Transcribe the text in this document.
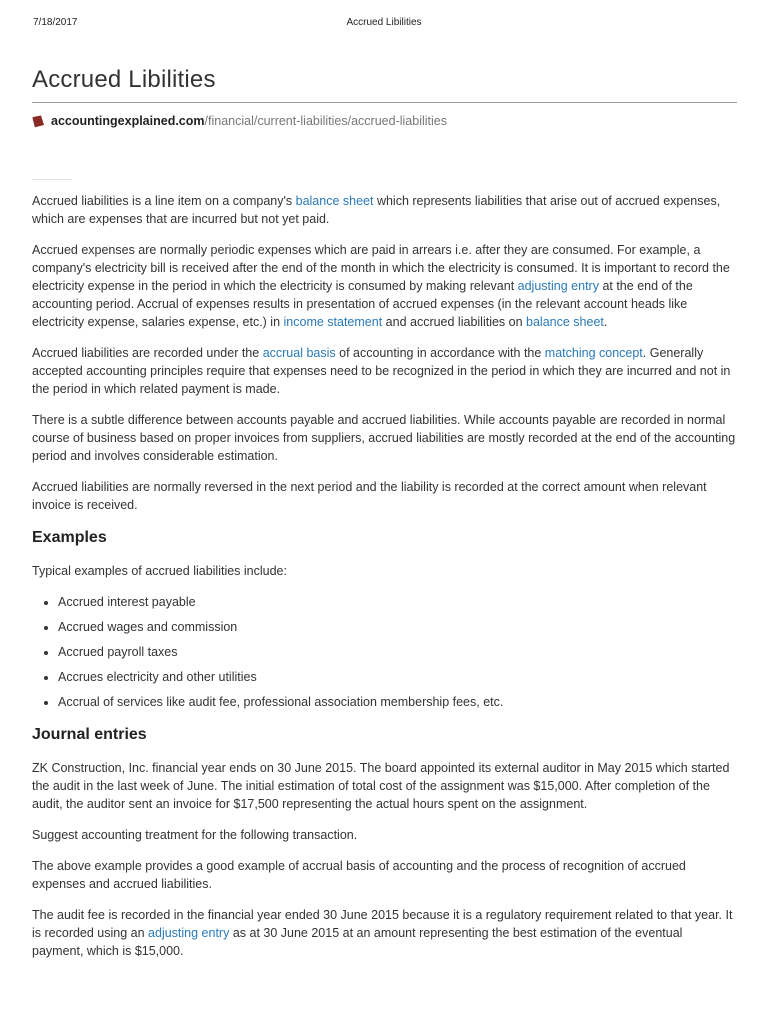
7/18/2017	Accrued Libilities
Accrued Libilities
accountingexplained.com /financial/current-liabilities/accrued-liabilities

Accrued liabilities is a line item on a company's balance sheet which represents liabilities that arise out of accrued expenses, which are expenses that are incurred but not yet paid.

Accrued expenses are normally periodic expenses which are paid in arrears i.e. after they are consumed. For example, a company's electricity bill is received after the end of the month in which the electricity is consumed. It is important to record the electricity expense in the period in which the electricity is consumed by making relevant adjusting entry at the end of the accounting period. Accrual of expenses results in presentation of accrued expenses (in the relevant account heads like electricity expense, salaries expense, etc.) in income statement and accrued liabilities on balance sheet.

Accrued liabilities are recorded under the accrual basis of accounting in accordance with the matching concept. Generally accepted accounting principles require that expenses need to be recognized in the period in which they are incurred and not in the period in which related payment is made.

There is a subtle difference between accounts payable and accrued liabilities. While accounts payable are recorded in normal course of business based on proper invoices from suppliers, accrued liabilities are mostly recorded at the end of the accounting period and involves considerable estimation.

Accrued liabilities are normally reversed in the next period and the liability is recorded at the correct amount when relevant invoice is received.

Examples

Typical examples of accrued liabilities include:

• Accrued interest payable
• Accrued wages and commission
• Accrued payroll taxes
• Accrues electricity and other utilities
• Accrual of services like audit fee, professional association membership fees, etc.
Journal entries

ZK Construction, Inc. financial year ends on 30 June 2015. The board appointed its external auditor in May 2015 which started the audit in the last week of June. The initial estimation of total cost of the assignment was $15,000. After completion of the audit, the auditor sent an invoice for $17,500 representing the actual hours spent on the assignment.

Suggest accounting treatment for the following transaction.

The above example provides a good example of accrual basis of accounting and the process of recognition of accrued expenses and accrued liabilities.

The audit fee is recorded in the financial year ended 30 June 2015 because it is a regulatory requirement related to that year. It is recorded using an adjusting entry as at 30 June 2015 at an amount representing the best estimation of the eventual payment, which is $15,000.
